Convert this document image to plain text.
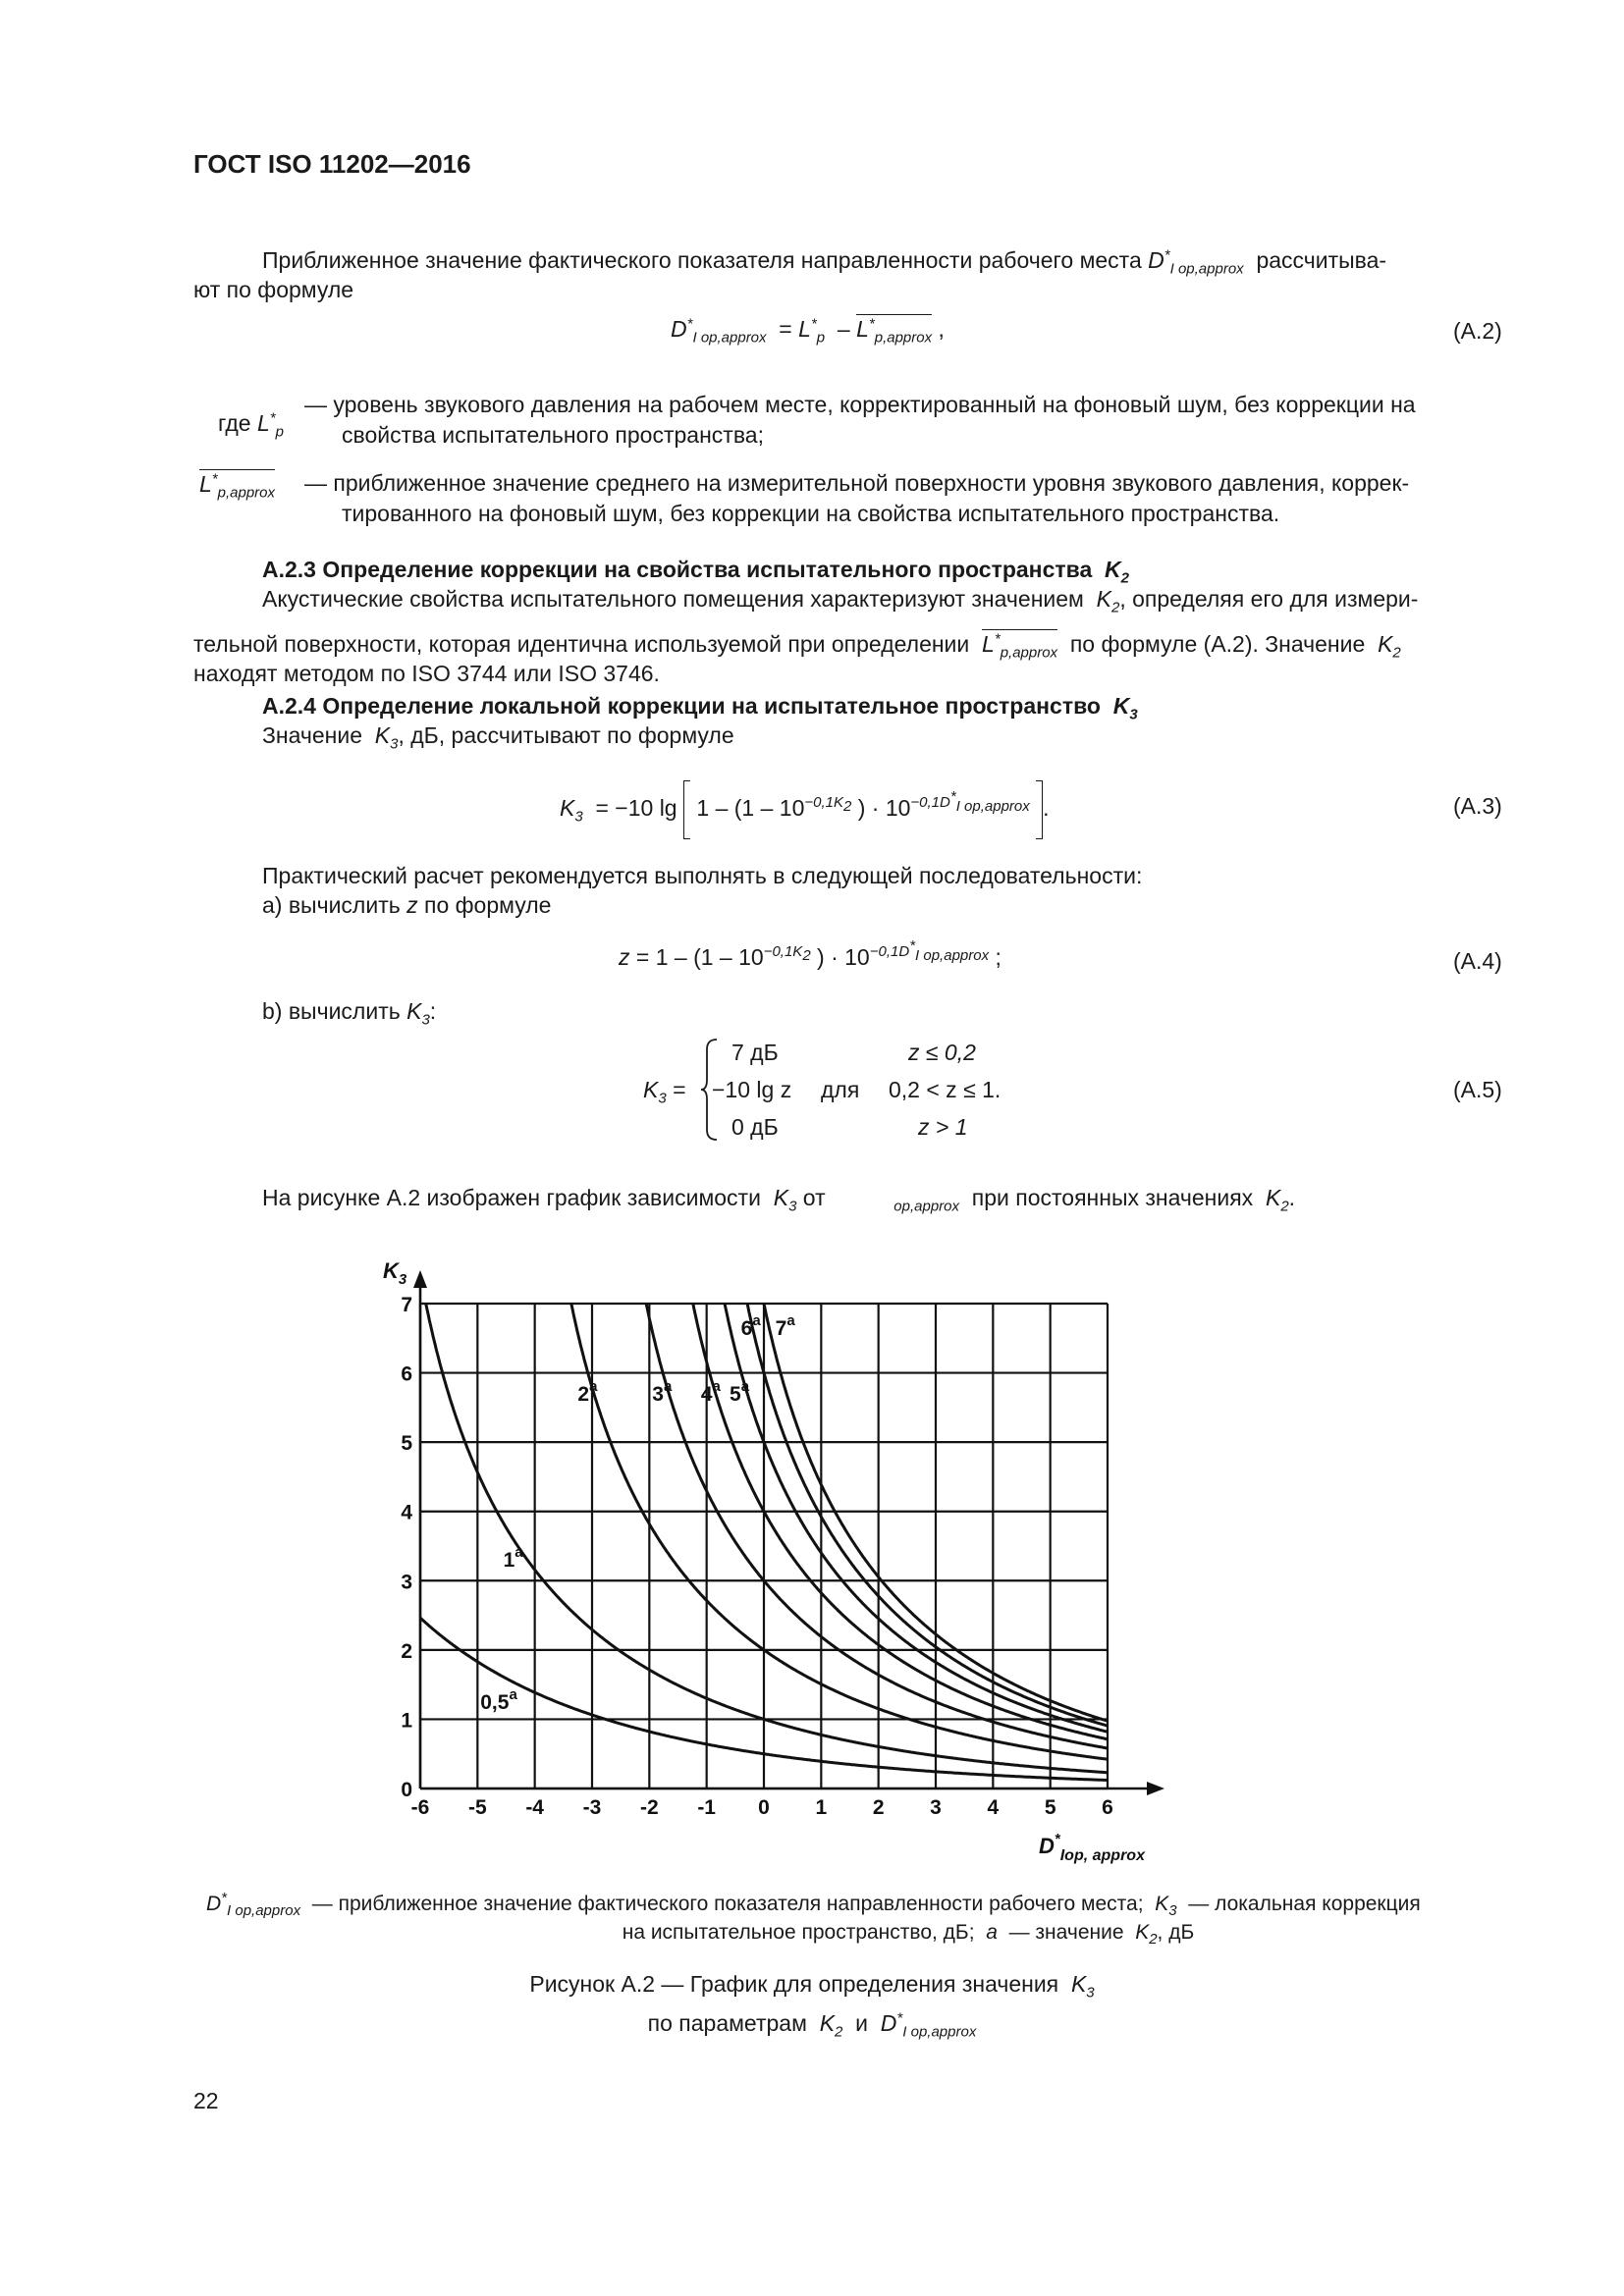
ГОСТ ISO 11202—2016
Приближенное значение фактического показателя направленности рабочего места $D^*_{I op,approx}$ рассчитыва-
ют по формуле
$D^*_{I op,approx} = L^*_p - L^*_{p,approx}$ ,	(A.2)
где $L^*_p$
— уровень звукового давления на рабочем месте, корректированный на фоновый шум, без коррекции на
свойства испытательного пространства;
$L^*_{p,approx}$ — приближенное значение среднего на измерительной поверхности уровня звукового давления, коррек-
тированного на фоновый шум, без коррекции на свойства испытательного пространства.
А.2.3 Определение коррекции на свойства испытательного пространства $K_2$
Акустические свойства испытательного помещения характеризуют значением $K_2$, определяя его для измери-
тельной поверхности, которая идентична используемой при определении $L^*_{p,approx}$ по формуле (А.2). Значение $K_2$
находят методом по ISO 3744 или ISO 3746.
А.2.4 Определение локальной коррекции на испытательное пространство $K_3$
Значение $K_3$, дБ, рассчитывают по формуле
$K_3 = -10$ $\lg 1 - (1 - 10^{-0,1K_2}$ ) · $10^{-0,1D^*_{I op,approx}}$ .	(A.3)
Практический расчет рекомендуется выполнять в следующей последовательности:
а) вычислить z по формуле
$z = 1 - (1 - 10^{-0,1K_2}$ ) · $10^{-0,1D^*_{I op,approx}}$ ;	(A.4)
b) вычислить $K_3$:
$K_3$ =
7 дБ	z ≤ 0,2
−10 lg z для 0,2 < z ≤ 1.
0 дБ	z > 1
(A.5)
На рисунке А.2 изображен график зависимости $K_3$ от	$_{op,approx}$ при постоянных значениях $K_2$.
-6 -5 -4 -3 -2 -1 0 1 2 3 4 5 6
0
1
2
3
4
5
6
7
$K_3$
$D^*_{Iop, approx}$
0,5$^a$
1$^a$
2$^a$	3$^a$ 4$^a$ 5$^a$
6$^a$ 7$^a$
$D^*_{I op,approx}$ — приближенное значение фактического показателя направленности рабочего места; $K_3$ — локальная коррекция
на испытательное пространство, дБ; a — значение $K_2$, дБ
Рисунок А.2 — График для определения значения $K_3$
по параметрам $K_2$ и $D^*_{I op,approx}$
22
